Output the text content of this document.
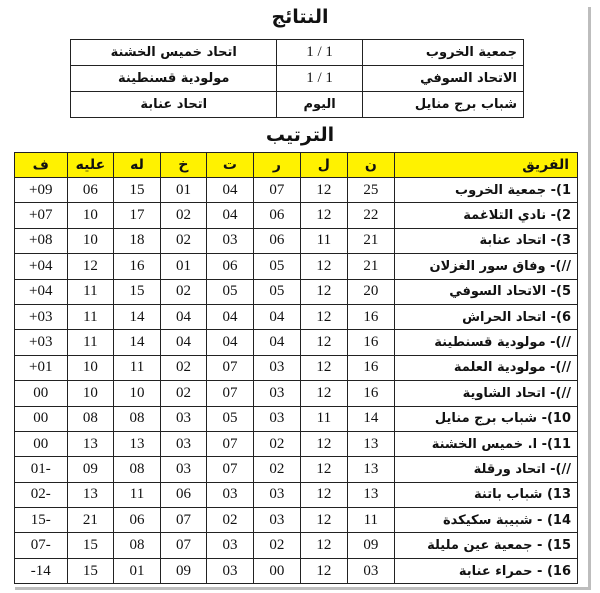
النتائج
جمعية الخروب	1 / 1	اتحاد خميس الخشنة
الاتحاد السوفي	1 / 1	مولودية قسنطينة
شباب برج منايل	اليوم	اتحاد عنابة
الترتيب
الفريق	ن	ل	ر	ت	خ	له	عليه	ف
1)- جمعية الخروب	25	12	07	04	01	15	06	+09
2)- نادي التلاغمة	22	12	06	04	02	17	10	+07
3)- اتحاد عنابة	21	11	06	03	02	18	10	+08
//)- وفاق سور الغزلان	21	12	05	06	01	16	12	+04
5)- الاتحاد السوفي	20	12	05	05	02	15	11	+04
6)- اتحاد الحراش	16	12	04	04	04	14	11	+03
//)- مولودية قسنطينة	16	12	04	04	04	14	11	+03
//)- مولودية العلمة	16	12	03	07	02	11	10	+01
//)- اتحاد الشاوية	16	12	03	07	02	10	10	00
10)- شباب برج منايل	14	11	03	05	03	08	08	00
11)- ا. خميس الخشنة	13	12	02	07	03	13	13	00
//)- اتحاد ورقلة	13	12	02	07	03	08	09	01-
13) شباب باتنة	13	12	03	03	06	11	13	02-
14) - شبيبة سكيكدة	11	12	03	02	07	06	21	15-
15) - جمعية عين مليلة	09	12	02	03	07	08	15	07-
16) - حمراء عنابة	03	12	00	03	09	01	15	-14
